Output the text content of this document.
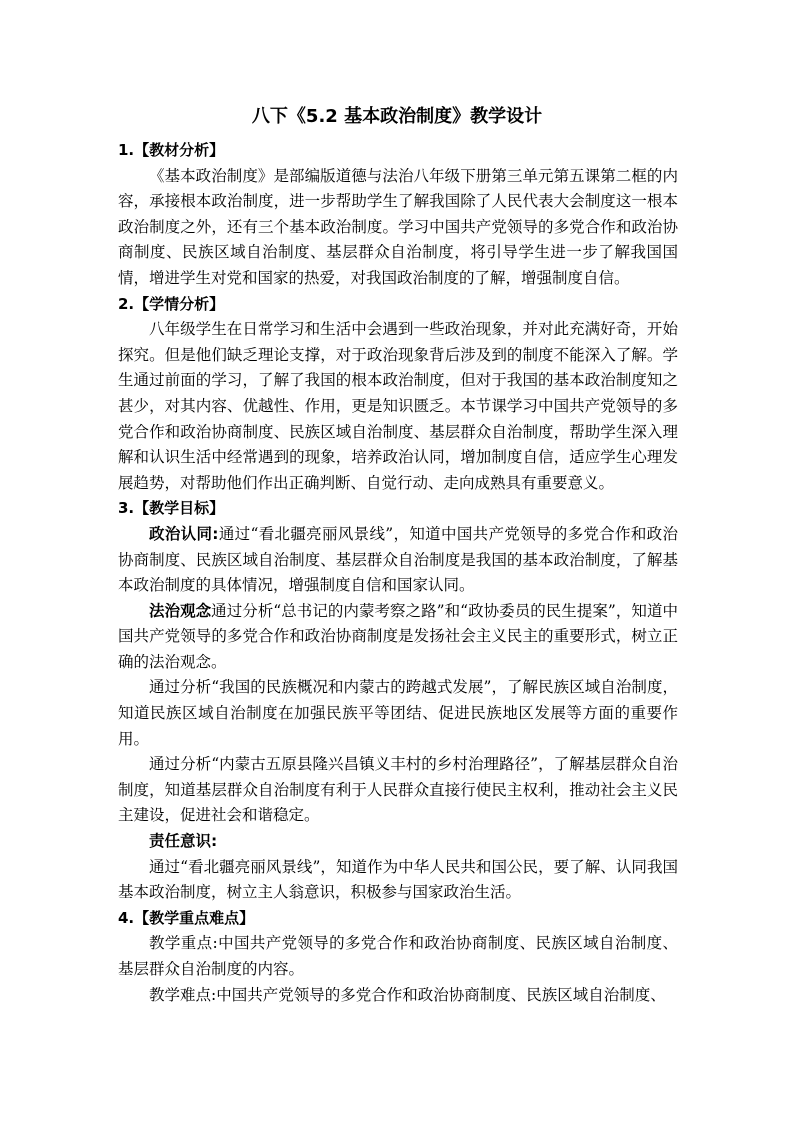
八下《5.2 基本政治制度》教学设计
1.【教材分析】

《基本政治制度》是部编版道德与法治八年级下册第三单元第五课第二框的内容，承接根本政治制度，进一步帮助学生了解我国除了人民代表大会制度这一根本政治制度之外，还有三个基本政治制度。学习中国共产党领导的多党合作和政治协商制度、民族区域自治制度、基层群众自治制度，将引导学生进一步了解我国国情，增进学生对党和国家的热爱，对我国政治制度的了解，增强制度自信。

2.【学情分析】

八年级学生在日常学习和生活中会遇到一些政治现象，并对此充满好奇，开始探究。但是他们缺乏理论支撑，对于政治现象背后涉及到的制度不能深入了解。学生通过前面的学习，了解了我国的根本政治制度，但对于我国的基本政治制度知之甚少，对其内容、优越性、作用，更是知识匮乏。本节课学习中国共产党领导的多党合作和政治协商制度、民族区域自治制度、基层群众自治制度，帮助学生深入理解和认识生活中经常遇到的现象，培养政治认同，增加制度自信，适应学生心理发展趋势，对帮助他们作出正确判断、自觉行动、走向成熟具有重要意义。

3.【教学目标】

政治认同:通过“看北疆亮丽风景线”，知道中国共产党领导的多党合作和政治协商制度、民族区域自治制度、基层群众自治制度是我国的基本政治制度，了解基本政治制度的具体情况，增强制度自信和国家认同。

法治观念通过分析“总书记的内蒙考察之路”和“政协委员的民生提案”，知道中国共产党领导的多党合作和政治协商制度是发扬社会主义民主的重要形式，树立正确的法治观念。

通过分析“我国的民族概况和内蒙古的跨越式发展”，了解民族区域自治制度，知道民族区域自治制度在加强民族平等团结、促进民族地区发展等方面的重要作用。

通过分析“内蒙古五原县隆兴昌镇义丰村的乡村治理路径”，了解基层群众自治制度，知道基层群众自治制度有利于人民群众直接行使民主权利，推动社会主义民主建设，促进社会和谐稳定。

责任意识:

通过“看北疆亮丽风景线”，知道作为中华人民共和国公民，要了解、认同我国基本政治制度，树立主人翁意识，积极参与国家政治生活。

4.【教学重点难点】

教学重点:中国共产党领导的多党合作和政治协商制度、民族区域自治制度、基层群众自治制度的内容。

教学难点:中国共产党领导的多党合作和政治协商制度、民族区域自治制度、
